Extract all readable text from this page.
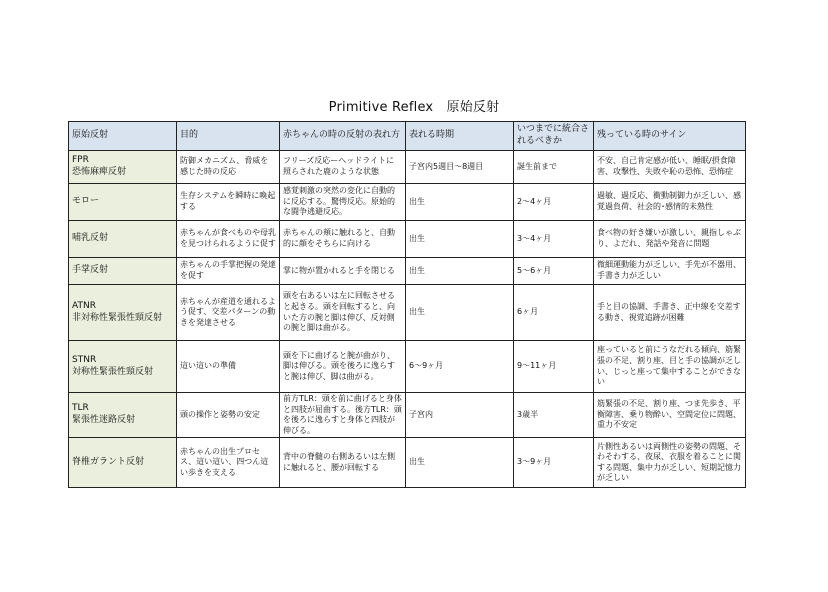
Primitive Reflex　原始反射
原始反射	目的	赤ちゃんの時の反射の表れ方	表れる時期	いつまでに統合されるべきか	残っている時のサイン

FPR
恐怖麻痺反射	防御メカニズム、脅威を感じた時の反応	フリーズ反応ーヘッドライトに照らされた鹿のような状態	子宮内5週目〜8週目	誕生前まで	不安、自己肯定感が低い、睡眠/摂食障害、攻撃性、失敗や恥の恐怖、恐怖症

モロー	生存システムを瞬時に喚起する	感覚刺激の突然の変化に自動的に反応する。驚愕反応。原始的な闘争逃避反応。	出生	2〜4ヶ月	過敏、過反応、衝動制御力が乏しい、感覚過負荷、社会的･感情的未熟性

哺乳反射	赤ちゃんが食べものや母乳を見つけられるように促す	赤ちゃんの頬に触れると、自動的に顔をそちらに向ける	出生	3〜4ヶ月	食べ物の好き嫌いが激しい、親指しゃぶり、よだれ、発話や発音に問題

手掌反射	赤ちゃんの手掌把握の発達を促す	掌に物が置かれると手を閉じる	出生	5〜6ヶ月	微細運動能力が乏しい、手先が不器用、手書き力が乏しい

ATNR
非対称性緊張性頸反射	赤ちゃんが産道を通れるよう促す、交差パターンの動きを発達させる	頭を右あるいは左に回転させると起きる。頭を回転すると、向いた方の腕と脚は伸び、反対側の腕と脚は曲がる。	出生	6ヶ月	手と目の協調、手書き、正中線を交差する動き、視覚追跡が困難

STNR
対称性緊張性頸反射	這い這いの準備	頭を下に曲げると腕が曲がり、脚は伸びる。頭を後ろに逸らすと腕は伸び、脚は曲がる。	6〜9ヶ月	9〜11ヶ月	座っていると前にうなだれる傾向、筋緊張の不足、割り座、目と手の協調が乏しい、じっと座って集中することができない

TLR
緊張性迷路反射	頭の操作と姿勢の安定	前方TLR：頭を前に曲げると身体と四肢が屈曲する。後方TLR：頭を後ろに逸らすと身体と四肢が伸びる。	子宮内	3歳半	筋緊張の不足、割り座、つま先歩き、平衡障害、乗り物酔い、空間定位に問題、重力不安定

脊椎ガラント反射	赤ちゃんの出生プロセス、這い這い、四つん這い歩きを支える	背中の脊髄の右側あるいは左側に触れると、腰が回転する	出生	3〜9ヶ月	片側性あるいは両側性の姿勢の問題、そわそわする、夜尿、衣服を着ることに関する問題、集中力が乏しい、短期記憶力が乏しい
